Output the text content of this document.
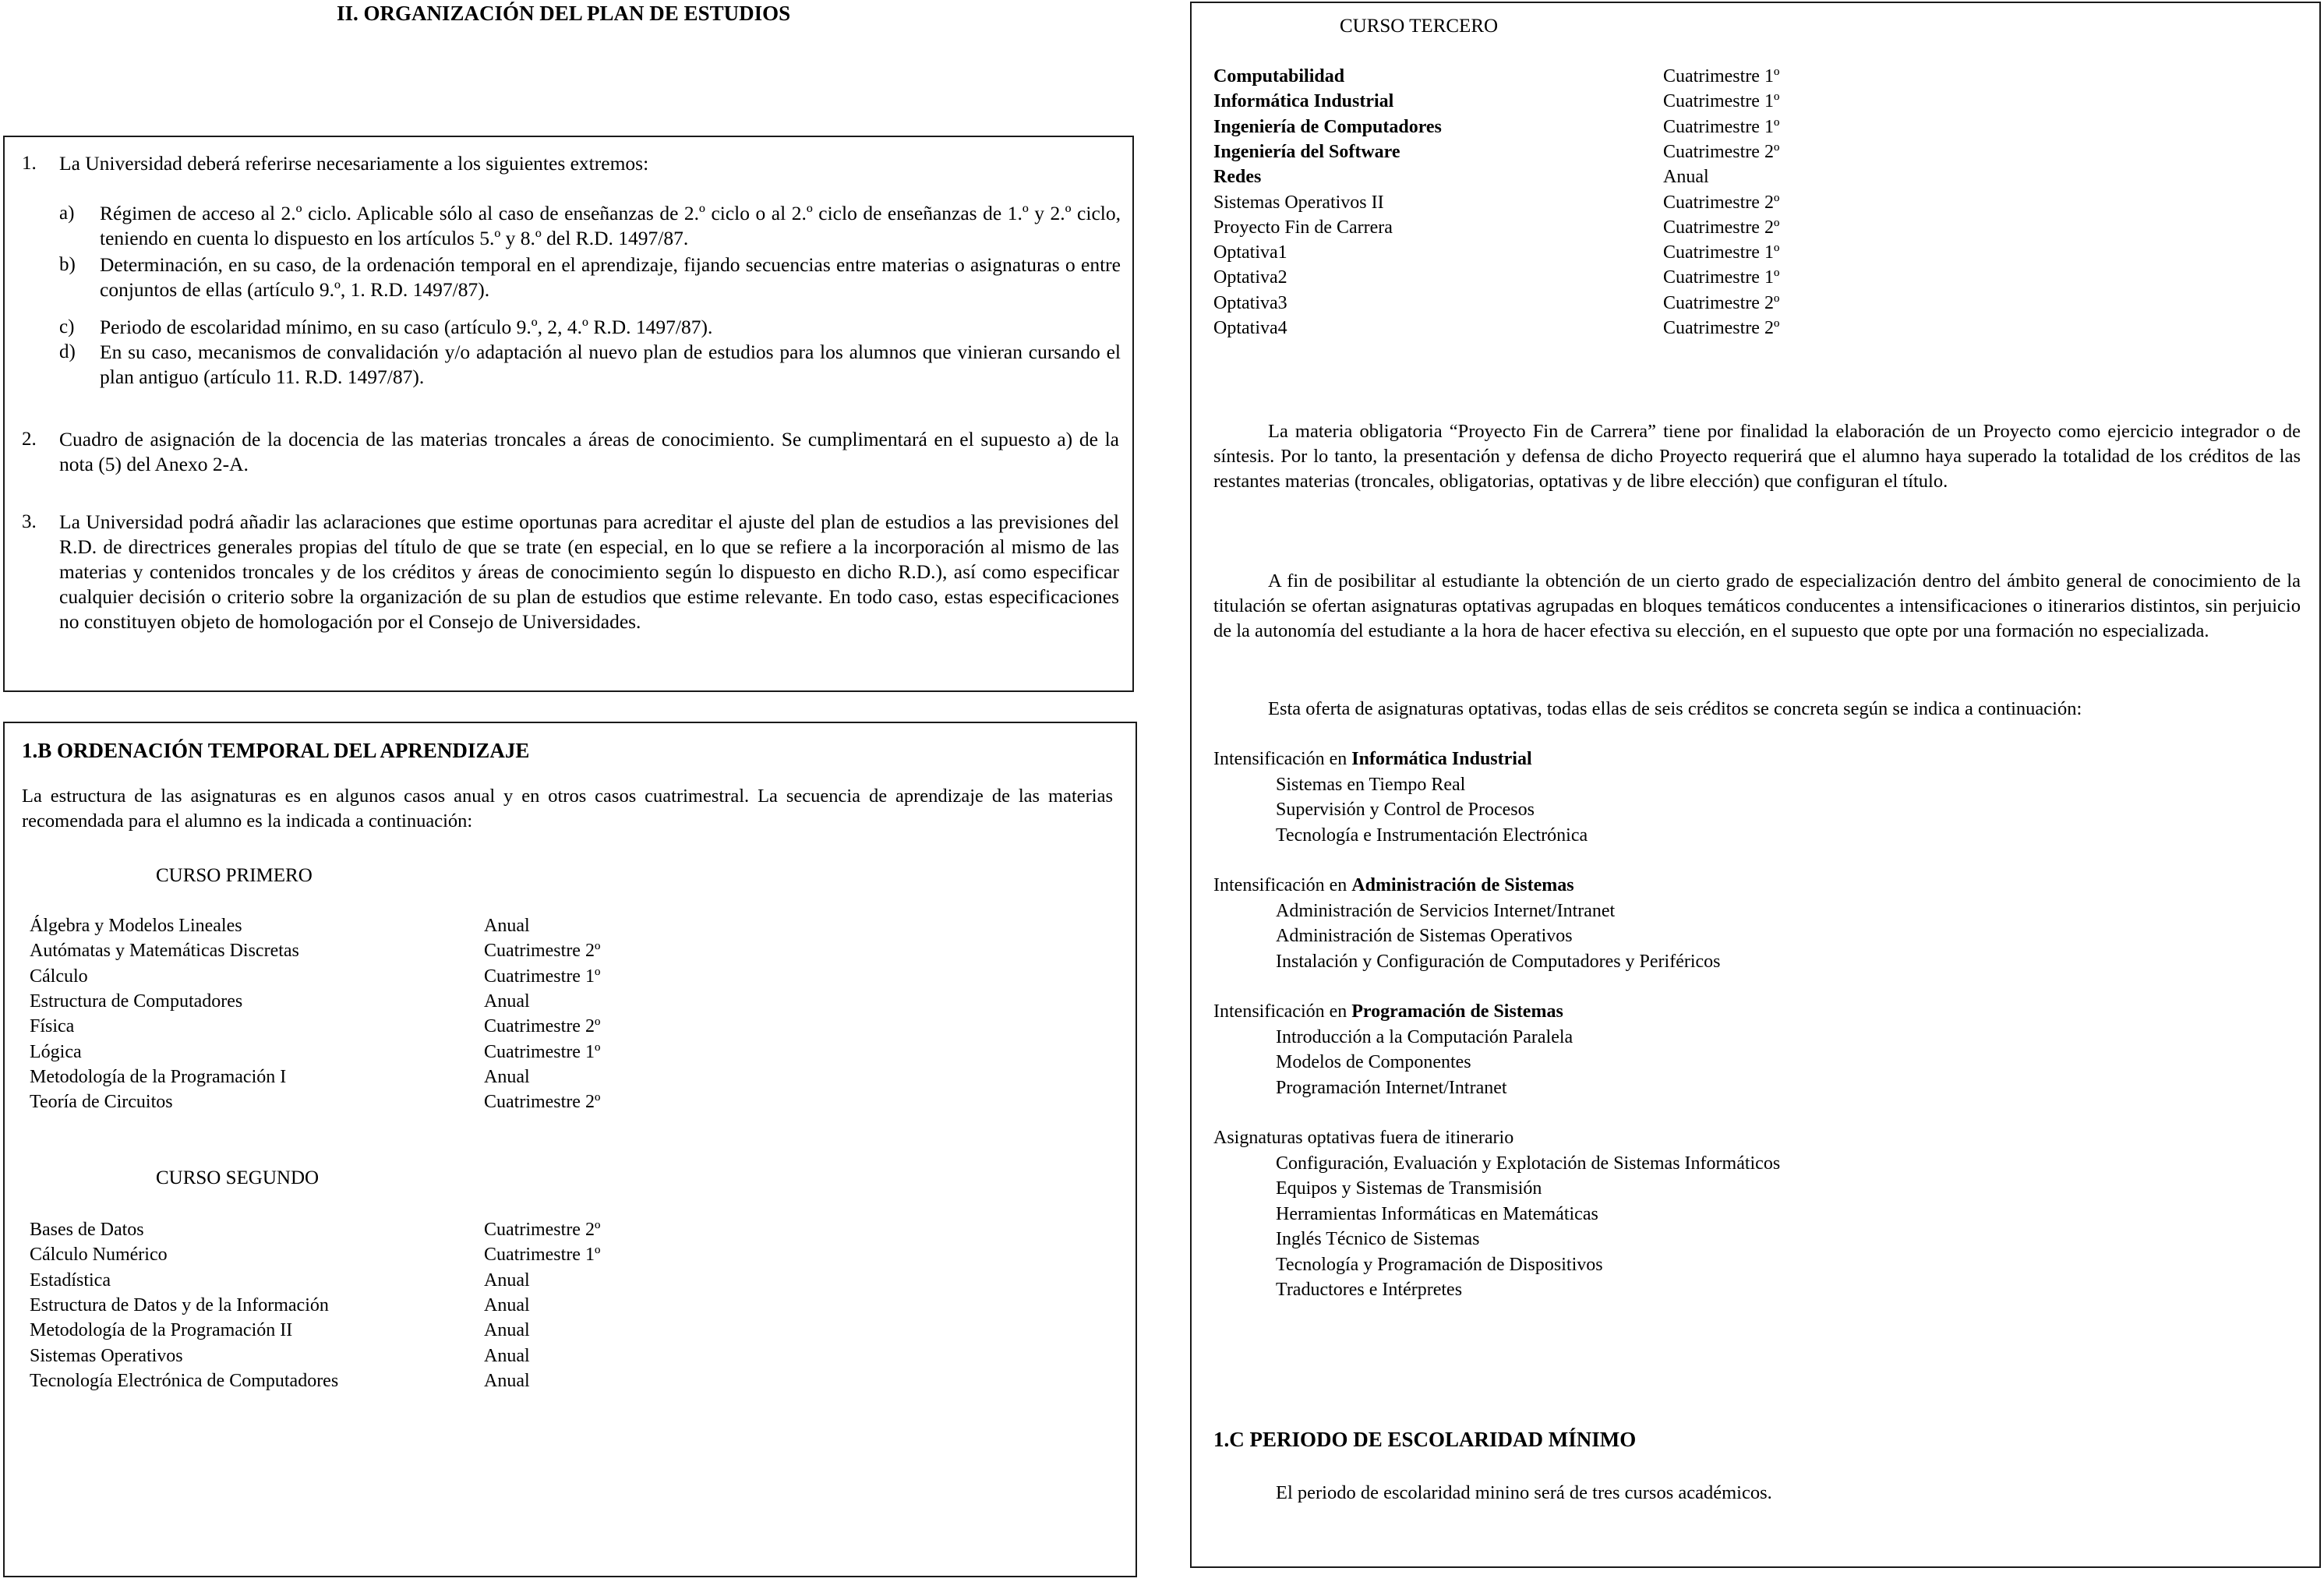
II. ORGANIZACIÓN DEL PLAN DE ESTUDIOS
1. La Universidad deberá referirse necesariamente a los siguientes extremos:
a) Régimen de acceso al 2.º ciclo. Aplicable sólo al caso de enseñanzas de 2.º ciclo o al 2.º ciclo de enseñanzas de 1.º y 2.º ciclo, teniendo en cuenta lo dispuesto en los artículos 5.º y 8.º del R.D. 1497/87.
b) Determinación, en su caso, de la ordenación temporal en el aprendizaje, fijando secuencias entre materias o asignaturas o entre conjuntos de ellas (artículo 9.º, 1. R.D. 1497/87).
c) Periodo de escolaridad mínimo, en su caso (artículo 9.º, 2, 4.º R.D. 1497/87).
d) En su caso, mecanismos de convalidación y/o adaptación al nuevo plan de estudios para los alumnos que vinieran cursando el plan antiguo (artículo 11. R.D. 1497/87).
2. Cuadro de asignación de la docencia de las materias troncales a áreas de conocimiento. Se cumplimentará en el supuesto a) de la nota (5) del Anexo 2-A.
3. La Universidad podrá añadir las aclaraciones que estime oportunas para acreditar el ajuste del plan de estudios a las previsiones del R.D. de directrices generales propias del título de que se trate (en especial, en lo que se refiere a la incorporación al mismo de las materias y contenidos troncales y de los créditos y áreas de conocimiento según lo dispuesto en dicho R.D.), así como especificar cualquier decisión o criterio sobre la organización de su plan de estudios que estime relevante. En todo caso, estas especificaciones no constituyen objeto de homologación por el Consejo de Universidades.
1.B ORDENACIÓN TEMPORAL DEL APRENDIZAJE
La estructura de las asignaturas es en algunos casos anual y en otros casos cuatrimestral. La secuencia de aprendizaje de las materias recomendada para el alumno es la indicada a continuación:
CURSO PRIMERO
Álgebra y Modelos Lineales	Anual
Autómatas y Matemáticas Discretas	Cuatrimestre 2º
Cálculo	Cuatrimestre 1º
Estructura de Computadores	Anual
Física	Cuatrimestre 2º
Lógica	Cuatrimestre 1º
Metodología de la Programación I	Anual
Teoría de Circuitos	Cuatrimestre 2º
CURSO SEGUNDO
Bases de Datos	Cuatrimestre 2º
Cálculo Numérico	Cuatrimestre 1º
Estadística	Anual
Estructura de Datos y de la Información	Anual
Metodología de la Programación II	Anual
Sistemas Operativos	Anual
Tecnología Electrónica de Computadores	Anual
CURSO TERCERO
Computabilidad	Cuatrimestre 1º
Informática Industrial	Cuatrimestre 1º
Ingeniería de Computadores	Cuatrimestre 1º
Ingeniería del Software	Cuatrimestre 2º
Redes	Anual
Sistemas Operativos II	Cuatrimestre 2º
Proyecto Fin de Carrera	Cuatrimestre 2º
Optativa1	Cuatrimestre 1º
Optativa2	Cuatrimestre 1º
Optativa3	Cuatrimestre 2º
Optativa4	Cuatrimestre 2º
La materia obligatoria “Proyecto Fin de Carrera” tiene por finalidad la elaboración de un Proyecto como ejercicio integrador o de síntesis. Por lo tanto, la presentación y defensa de dicho Proyecto requerirá que el alumno haya superado la totalidad de los créditos de las restantes materias (troncales, obligatorias, optativas y de libre elección) que configuran el título.
A fin de posibilitar al estudiante la obtención de un cierto grado de especialización dentro del ámbito general de conocimiento de la titulación se ofertan asignaturas optativas agrupadas en bloques temáticos conducentes a intensificaciones o itinerarios distintos, sin perjuicio de la autonomía del estudiante a la hora de hacer efectiva su elección, en el supuesto que opte por una formación no especializada.
Esta oferta de asignaturas optativas, todas ellas de seis créditos se concreta según se indica a continuación:
Intensificación en Informática Industrial
Sistemas en Tiempo Real
Supervisión y Control de Procesos
Tecnología e Instrumentación Electrónica
Intensificación en Administración de Sistemas
Administración de Servicios Internet/Intranet
Administración de Sistemas Operativos
Instalación y Configuración de Computadores y Periféricos
Intensificación en Programación de Sistemas
Introducción a la Computación Paralela
Modelos de Componentes
Programación Internet/Intranet
Asignaturas optativas fuera de itinerario
Configuración, Evaluación y Explotación de Sistemas Informáticos
Equipos y Sistemas de Transmisión
Herramientas Informáticas en Matemáticas
Inglés Técnico de Sistemas
Tecnología y Programación de Dispositivos
Traductores e Intérpretes
1.C PERIODO DE ESCOLARIDAD MÍNIMO
El periodo de escolaridad minino será de tres cursos académicos.
